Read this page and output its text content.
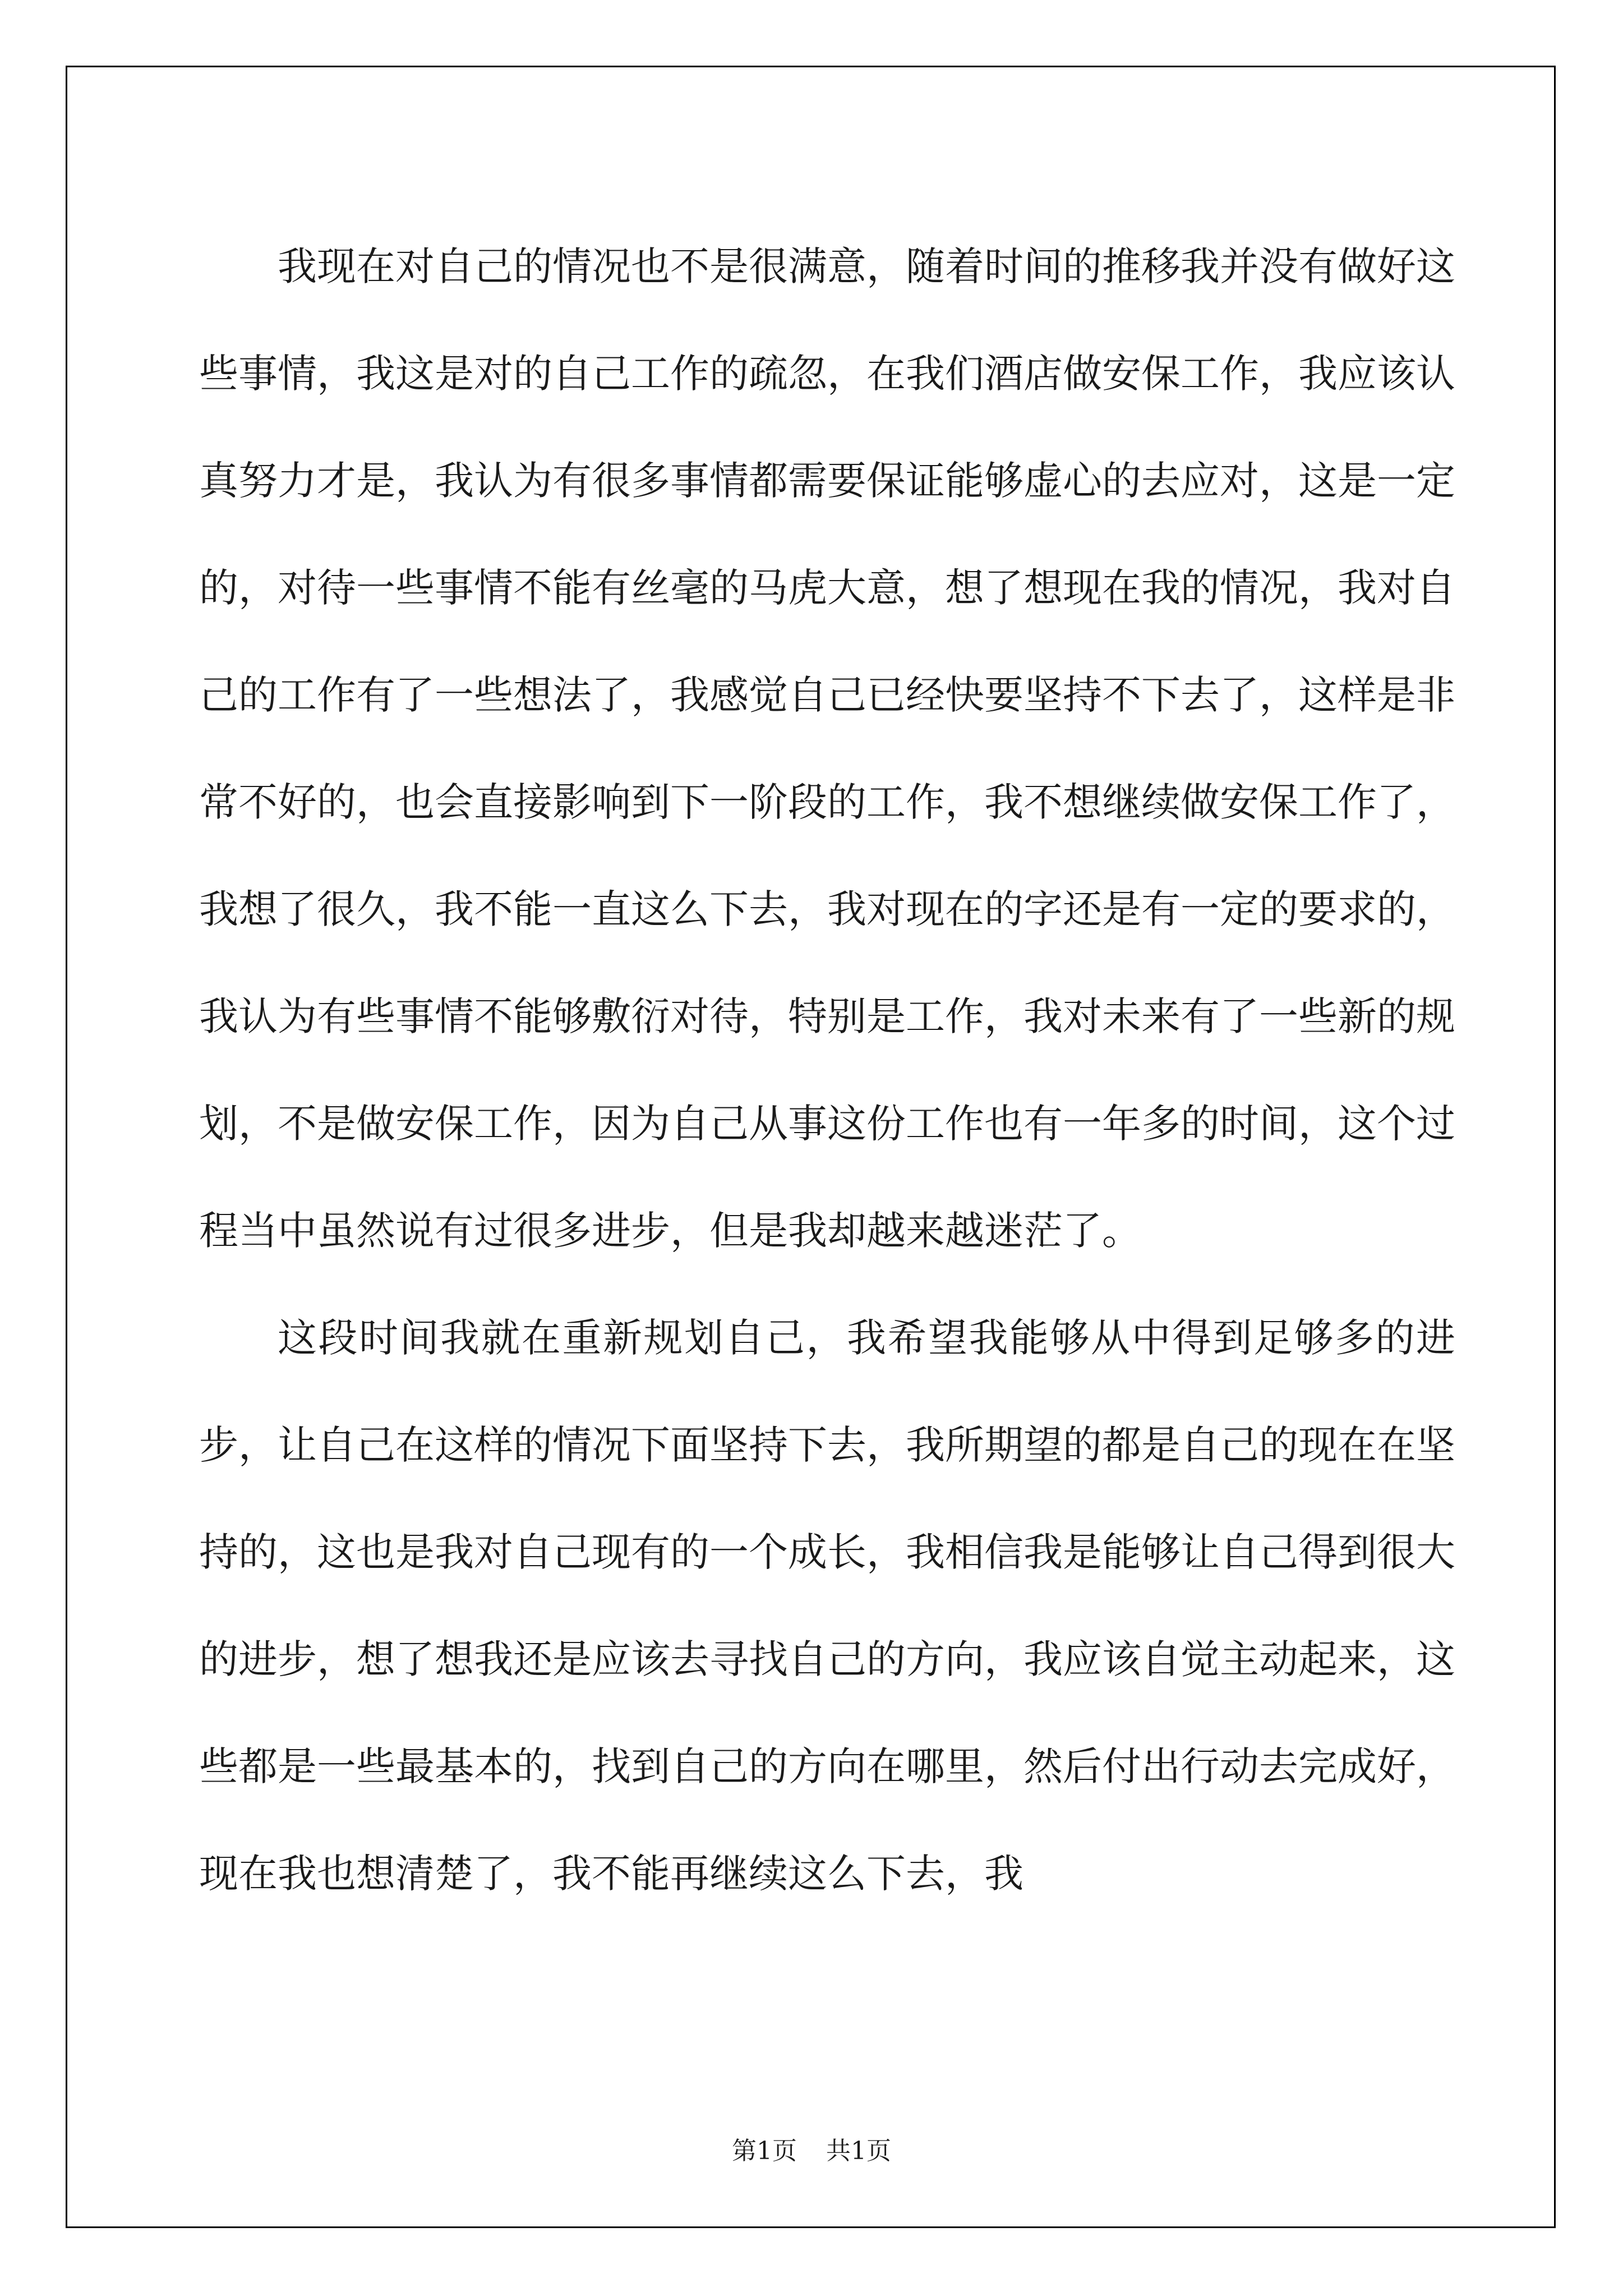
我现在对自己的情况也不是很满意，随着时间的推移我并没有做好这些事情，我这是对的自己工作的疏忽，在我们酒店做安保工作，我应该认真努力才是，我认为有很多事情都需要保证能够虚心的去应对，这是一定的，对待一些事情不能有丝毫的马虎大意，想了想现在我的情况，我对自己的工作有了一些想法了，我感觉自己已经快要坚持不下去了，这样是非常不好的，也会直接影响到下一阶段的工作，我不想继续做安保工作了，我想了很久，我不能一直这么下去，我对现在的字还是有一定的要求的，我认为有些事情不能够敷衍对待，特别是工作，我对未来有了一些新的规划，不是做安保工作，因为自己从事这份工作也有一年多的时间，这个过程当中虽然说有过很多进步，但是我却越来越迷茫了。

这段时间我就在重新规划自己，我希望我能够从中得到足够多的进步，让自己在这样的情况下面坚持下去，我所期望的都是自己的现在在坚持的，这也是我对自己现有的一个成长，我相信我是能够让自己得到很大的进步，想了想我还是应该去寻找自己的方向，我应该自觉主动起来，这些都是一些最基本的，找到自己的方向在哪里，然后付出行动去完成好，现在我也想清楚了，我不能再继续这么下去，我

第1页 共1页
